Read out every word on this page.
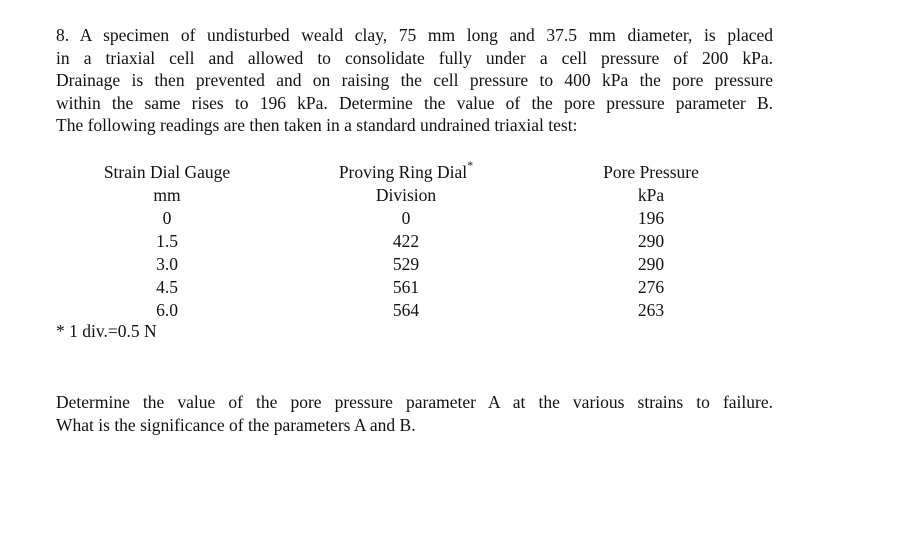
8. A specimen of undisturbed weald clay, 75 mm long and 37.5 mm diameter, is placed
in a triaxial cell and allowed to consolidate fully under a cell pressure of 200 kPa.
Drainage is then prevented and on raising the cell pressure to 400 kPa the pore pressure
within the same rises to 196 kPa. Determine the value of the pore pressure parameter B.
The following readings are then taken in a standard undrained triaxial test:
Strain Dial Gauge	Proving Ring Dial*	Pore Pressure
mm	Division	kPa
0	0	196
1.5	422	290
3.0	529	290
4.5	561	276
6.0	564	263
* 1 div.=0.5 N
Determine the value of the pore pressure parameter A at the various strains to failure.
What is the significance of the parameters A and B.
